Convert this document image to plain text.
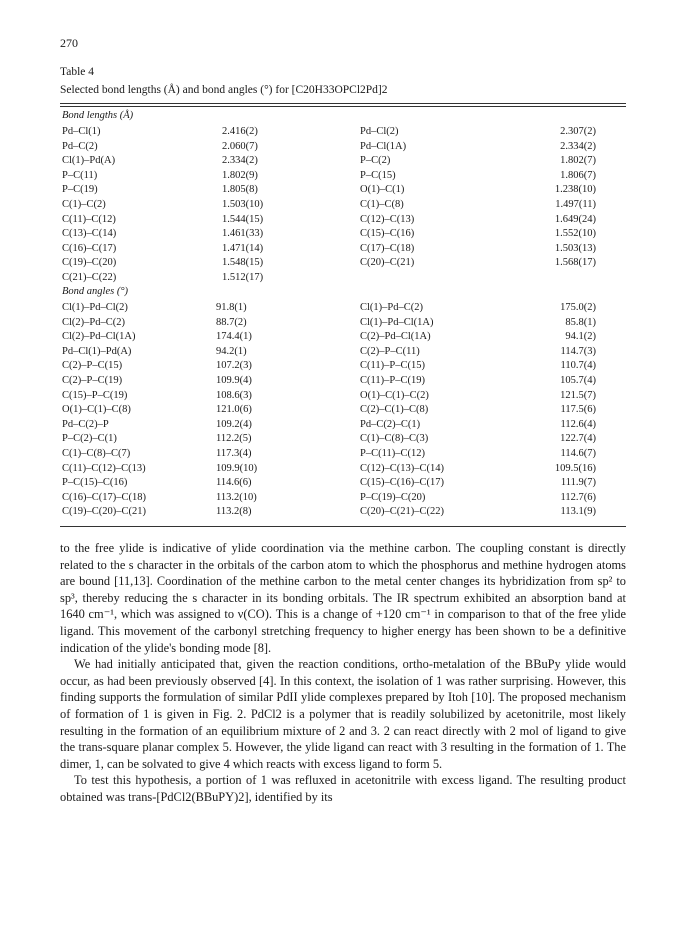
270
Table 4
Selected bond lengths (Å) and bond angles (°) for [C20H33OPCl2Pd]2
Bond lengths (Å)
Pd–Cl(1)	2.416(2)	Pd–Cl(2)	2.307(2)
Pd–C(2)	2.060(7)	Pd–Cl(1A)	2.334(2)
Cl(1)–Pd(A)	2.334(2)	P–C(2)	1.802(7)
P–C(11)	1.802(9)	P–C(15)	1.806(7)
P–C(19)	1.805(8)	O(1)–C(1)	1.238(10)
C(1)–C(2)	1.503(10)	C(1)–C(8)	1.497(11)
C(11)–C(12)	1.544(15)	C(12)–C(13)	1.649(24)
C(13)–C(14)	1.461(33)	C(15)–C(16)	1.552(10)
C(16)–C(17)	1.471(14)	C(17)–C(18)	1.503(13)
C(19)–C(20)	1.548(15)	C(20)–C(21)	1.568(17)
C(21)–C(22)	1.512(17)
Bond angles (°)
Cl(1)–Pd–Cl(2)	91.8(1)	Cl(1)–Pd–C(2)	175.0(2)
Cl(2)–Pd–C(2)	88.7(2)	Cl(1)–Pd–Cl(1A)	85.8(1)
Cl(2)–Pd–Cl(1A)	174.4(1)	C(2)–Pd–Cl(1A)	94.1(2)
Pd–Cl(1)–Pd(A)	94.2(1)	C(2)–P–C(11)	114.7(3)
C(2)–P–C(15)	107.2(3)	C(11)–P–C(15)	110.7(4)
C(2)–P–C(19)	109.9(4)	C(11)–P–C(19)	105.7(4)
C(15)–P–C(19)	108.6(3)	O(1)–C(1)–C(2)	121.5(7)
O(1)–C(1)–C(8)	121.0(6)	C(2)–C(1)–C(8)	117.5(6)
Pd–C(2)–P	109.2(4)	Pd–C(2)–C(1)	112.6(4)
P–C(2)–C(1)	112.2(5)	C(1)–C(8)–C(3)	122.7(4)
C(1)–C(8)–C(7)	117.3(4)	P–C(11)–C(12)	114.6(7)
C(11)–C(12)–C(13)	109.9(10)	C(12)–C(13)–C(14)	109.5(16)
P–C(15)–C(16)	114.6(6)	C(15)–C(16)–C(17)	111.9(7)
C(16)–C(17)–C(18)	113.2(10)	P–C(19)–C(20)	112.7(6)
C(19)–C(20)–C(21)	113.2(8)	C(20)–C(21)–C(22)	113.1(9)

to the free ylide is indicative of ylide coordination via the methine carbon. The coupling constant is directly related to the s character in the orbitals of the carbon atom to which the phosphorus and methine hydrogen atoms are bound [11,13]. Coordination of the methine carbon to the metal center changes its hybridization from sp² to sp³, thereby reducing the s character in its bonding orbitals. The IR spectrum exhibited an absorption band at 1640 cm⁻¹, which was assigned to ν(CO). This is a change of +120 cm⁻¹ in comparison to that of the free ylide ligand. This movement of the carbonyl stretching frequency to higher energy has been shown to be a definitive indication of the ylide's bonding mode [8].

We had initially anticipated that, given the reaction conditions, ortho-metalation of the BBuPy ylide would occur, as had been previously observed [4]. In this context, the isolation of 1 was rather surprising. However, this finding supports the formulation of similar PdII ylide complexes prepared by Itoh [10]. The proposed mechanism of formation of 1 is given in Fig. 2. PdCl2 is a polymer that is readily solubilized by acetonitrile, most likely resulting in the formation of an equilibrium mixture of 2 and 3. 2 can react directly with 2 mol of ligand to give the trans-square planar complex 5. However, the ylide ligand can react with 3 resulting in the formation of 1. The dimer, 1, can be solvated to give 4 which reacts with excess ligand to form 5.

To test this hypothesis, a portion of 1 was refluxed in acetonitrile with excess ligand. The resulting product obtained was trans-[PdCl2(BBuPY)2], identified by its
